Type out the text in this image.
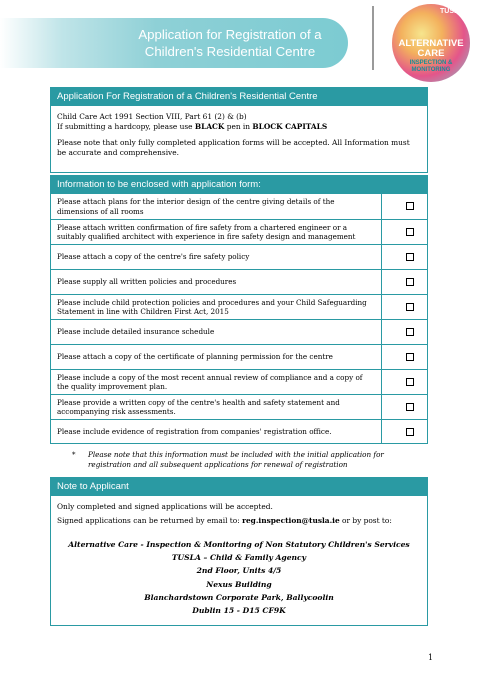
Application for Registration of a
Children's Residential Centre
TUSLA
ALTERNATIVE
CARE
INSPECTION &
MONITORING
Application For Registration of a Children's Residential Centre

Child Care Act 1991 Section VIII, Part 61 (2) & (b)

If submitting a hardcopy, please use BLACK pen in BLOCK CAPITALS

Please note that only fully completed application forms will be accepted. All Information must be accurate and comprehensive.

Information to be enclosed with application form:
Please attach plans for the interior design of the centre giving details of the dimensions of all rooms
Please attach written confirmation of fire safety from a chartered engineer or a suitably qualified architect with experience in fire safety design and management
Please attach a copy of the centre's fire safety policy
Please supply all written policies and procedures
Please include child protection policies and procedures and your Child Safeguarding Statement in line with Children First Act, 2015
Please include detailed insurance schedule
Please attach a copy of the certificate of planning permission for the centre
Please include a copy of the most recent annual review of compliance and a copy of the quality improvement plan.
Please provide a written copy of the centre's health and safety statement and accompanying risk assessments.
Please include evidence of registration from companies' registration office.
* Please note that this information must be included with the initial application for registration and all subsequent applications for renewal of registration
Note to Applicant

Only completed and signed applications will be accepted.

Signed applications can be returned by email to: reg.inspection@tusla.ie or by post to:

Alternative Care - Inspection & Monitoring of Non Statutory Children's Services
TUSLA – Child & Family Agency
2nd Floor, Units 4/5
Nexus Building
Blanchardstown Corporate Park, Ballycoolin
Dublin 15 - D15 CF9K
1
